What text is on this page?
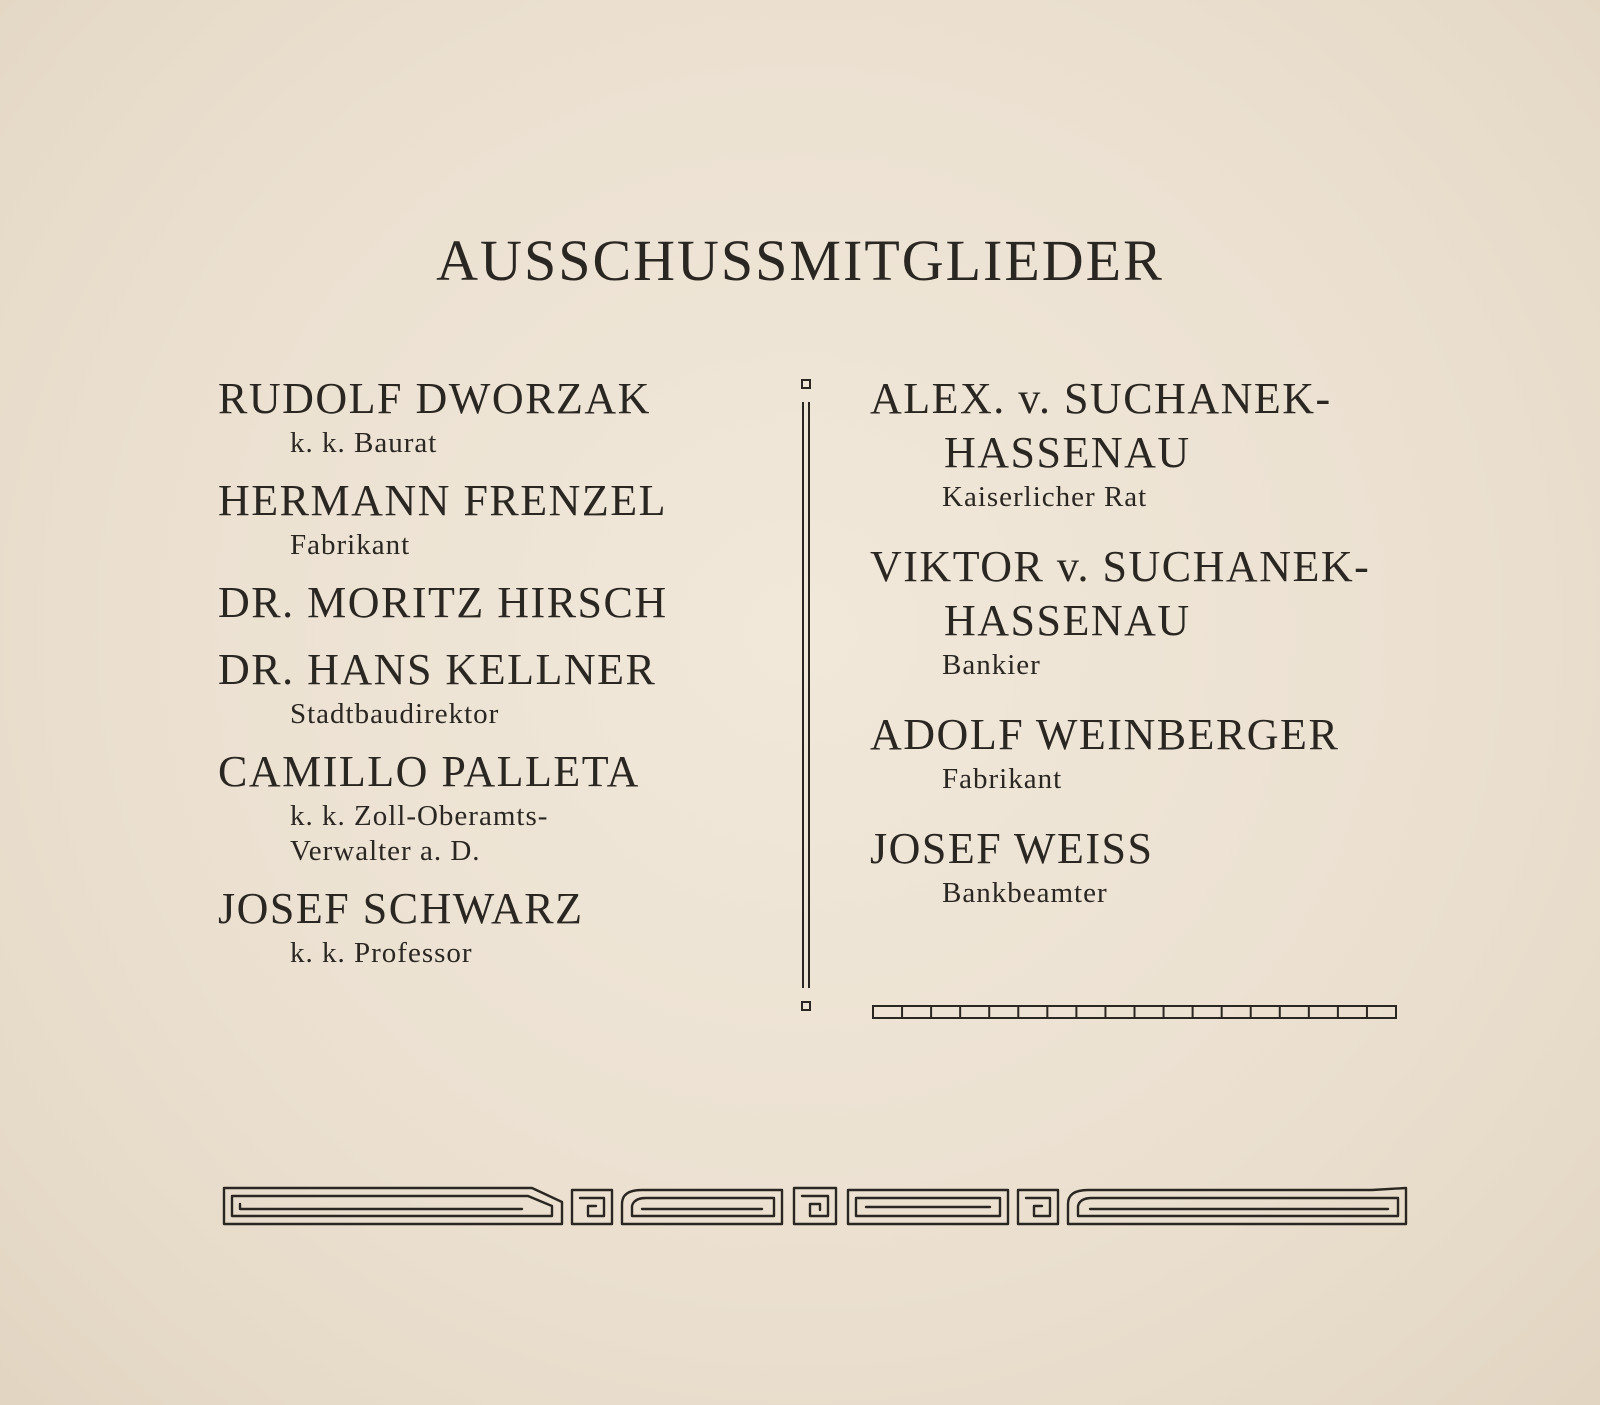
AUSSCHUSSMITGLIEDER
RUDOLF DWORZAK
k. k. Baurat
HERMANN FRENZEL
Fabrikant
DR. MORITZ HIRSCH
DR. HANS KELLNER
Stadtbaudirektor
CAMILLO PALLETA
k. k. Zoll-Oberamts-
Verwalter a. D.
JOSEF SCHWARZ
k. k. Professor
ALEX. v. SUCHANEK-
HASSENAU
Kaiserlicher Rat
VIKTOR v. SUCHANEK-
HASSENAU
Bankier
ADOLF WEINBERGER
Fabrikant
JOSEF WEISS
Bankbeamter
